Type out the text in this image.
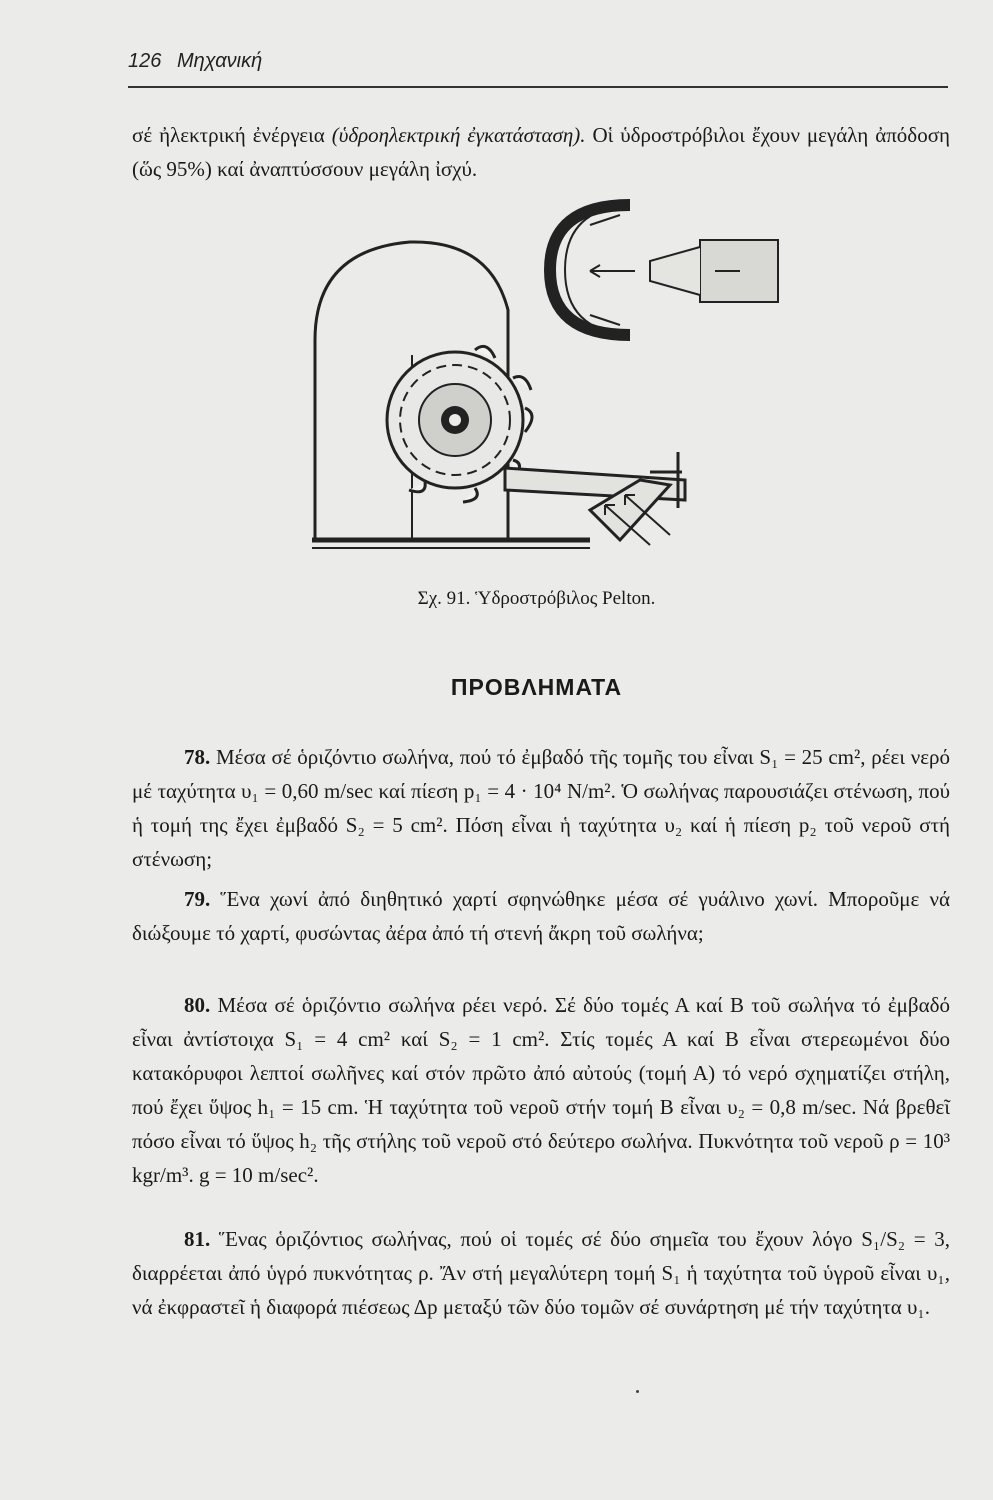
126 Μηχανική
σέ ἠλεκτρική ἐνέργεια (ὑδροηλεκτρική ἐγκατάσταση). Οἱ ὑδροστρόβιλοι ἔχουν μεγάλη ἀπόδοση (ὥς 95%) καί ἀναπτύσσουν μεγάλη ἰσχύ.
Σχ. 91. Ὑδροστρόβιλος Pelton.
ΠΡΟΒΛΗΜΑΤΑ
78. Μέσα σέ ὁριζόντιο σωλήνα, πού τό ἐμβαδό τῆς τομῆς του εἶναι S₁ = 25 cm², ρέει νερό μέ ταχύτητα υ₁ = 0,60 m/sec καί πίεση p₁ = 4 · 10⁴ N/m². Ὁ σωλήνας παρουσιάζει στένωση, πού ἡ τομή της ἔχει ἐμβαδό S₂ = 5 cm². Πόση εἶναι ἡ ταχύτητα υ₂ καί ἡ πίεση p₂ τοῦ νεροῦ στή στένωση;
79. Ἕνα χωνί ἀπό διηθητικό χαρτί σφηνώθηκε μέσα σέ γυάλινο χωνί. Μποροῦμε νά διώξουμε τό χαρτί, φυσώντας ἀέρα ἀπό τή στενή ἄκρη τοῦ σωλήνα;
80. Μέσα σέ ὁριζόντιο σωλήνα ρέει νερό. Σέ δύο τομές Α καί Β τοῦ σωλήνα τό ἐμβαδό εἶναι ἀντίστοιχα S₁ = 4 cm² καί S₂ = 1 cm². Στίς τομές Α καί Β εἶναι στερεωμένοι δύο κατακόρυφοι λεπτοί σωλῆνες καί στόν πρῶτο ἀπό αὐτούς (τομή Α) τό νερό σχηματίζει στήλη, πού ἔχει ὕψος h₁ = 15 cm. Ἡ ταχύτητα τοῦ νεροῦ στήν τομή Β εἶναι υ₂ = 0,8 m/sec. Νά βρεθεῖ πόσο εἶναι τό ὕψος h₂ τῆς στήλης τοῦ νεροῦ στό δεύτερο σωλήνα. Πυκνότητα τοῦ νεροῦ ρ = 10³ kgr/m³. g = 10 m/sec².
81. Ἕνας ὁριζόντιος σωλήνας, πού οἱ τομές σέ δύο σημεῖα του ἔχουν λόγο S₁/S₂ = 3, διαρρέεται ἀπό ὑγρό πυκνότητας ρ. Ἄν στή μεγαλύτερη τομή S₁ ἡ ταχύτητα τοῦ ὑγροῦ εἶναι υ₁, νά ἐκφραστεῖ ἡ διαφορά πιέσεως Δp μεταξύ τῶν δύο τομῶν σέ συνάρτηση μέ τήν ταχύτητα υ₁.
